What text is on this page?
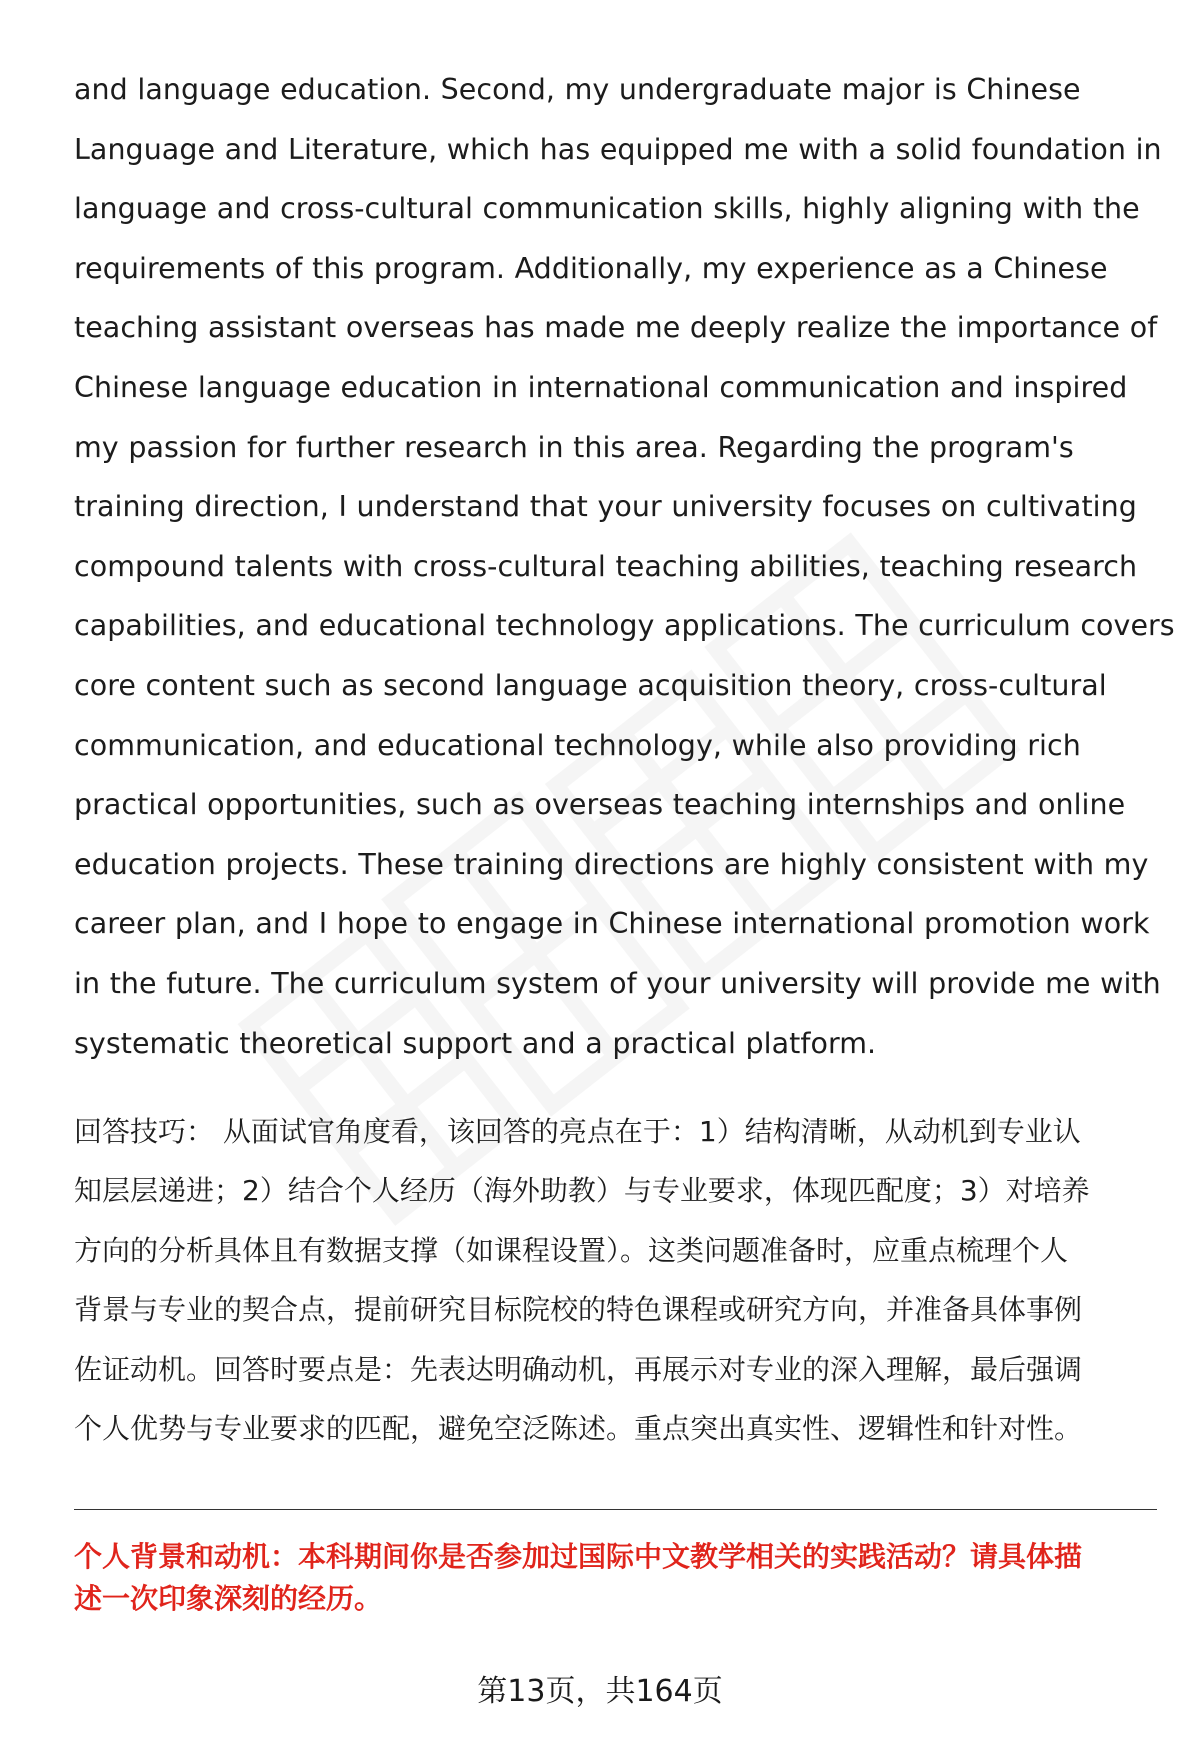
and language education. Second, my undergraduate major is Chinese
Language and Literature, which has equipped me with a solid foundation in
language and cross-cultural communication skills, highly aligning with the
requirements of this program. Additionally, my experience as a Chinese
teaching assistant overseas has made me deeply realize the importance of
Chinese language education in international communication and inspired
my passion for further research in this area. Regarding the program's
training direction, I understand that your university focuses on cultivating
compound talents with cross-cultural teaching abilities, teaching research
capabilities, and educational technology applications. The curriculum covers
core content such as second language acquisition theory, cross-cultural
communication, and educational technology, while also providing rich
practical opportunities, such as overseas teaching internships and online
education projects. These training directions are highly consistent with my
career plan, and I hope to engage in Chinese international promotion work
in the future. The curriculum system of your university will provide me with
systematic theoretical support and a practical platform.
回答技巧： 从面试官角度看，该回答的亮点在于：1）结构清晰，从动机到专业认
知层层递进；2）结合个人经历（海外助教）与专业要求，体现匹配度；3）对培养
方向的分析具体且有数据支撑（如课程设置）。这类问题准备时，应重点梳理个人
背景与专业的契合点，提前研究目标院校的特色课程或研究方向，并准备具体事例
佐证动机。回答时要点是：先表达明确动机，再展示对专业的深入理解，最后强调
个人优势与专业要求的匹配，避免空泛陈述。重点突出真实性、逻辑性和针对性。
个人背景和动机：本科期间你是否参加过国际中文教学相关的实践活动？请具体描
述一次印象深刻的经历。
第13页，共164页
